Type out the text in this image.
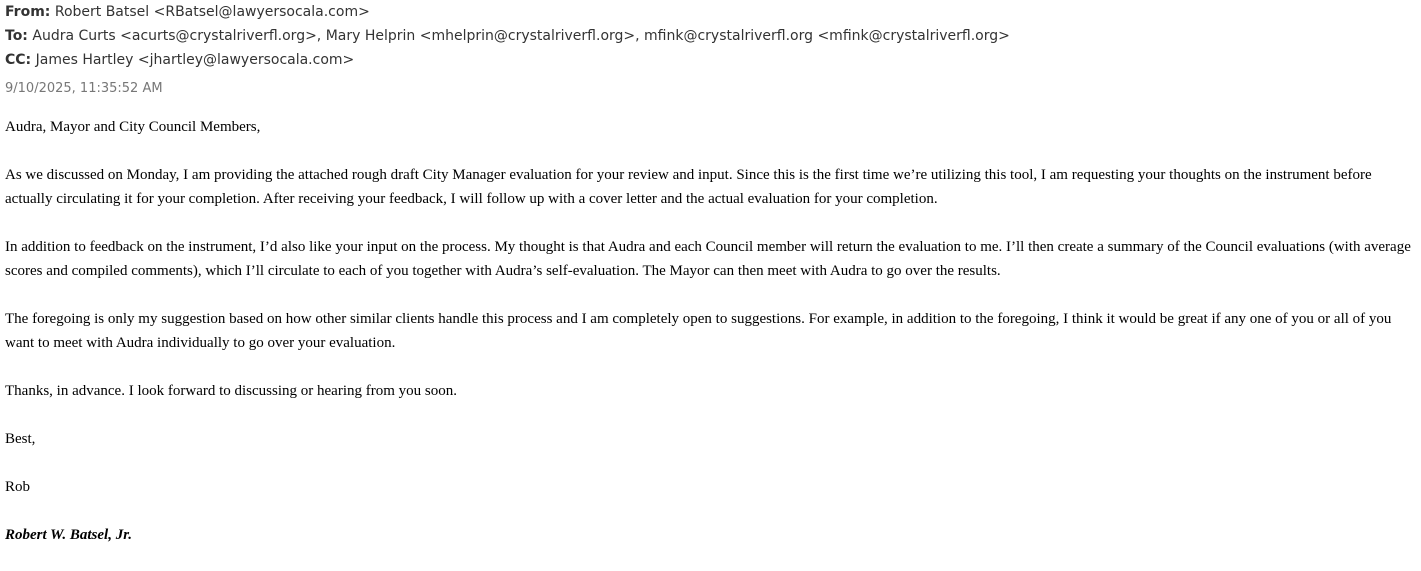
From: Robert Batsel <RBatsel@lawyersocala.com>
To: Audra Curts <acurts@crystalriverfl.org>, Mary Helprin <mhelprin@crystalriverfl.org>, mfink@crystalriverfl.org <mfink@crystalriverfl.org>
CC: James Hartley <jhartley@lawyersocala.com>
9/10/2025, 11:35:52 AM

Audra, Mayor and City Council Members,

As we discussed on Monday, I am providing the attached rough draft City Manager evaluation for your review and input. Since this is the first time we’re utilizing this tool, I am requesting your thoughts on the instrument before actually circulating it for your completion. After receiving your feedback, I will follow up with a cover letter and the actual evaluation for your completion.

In addition to feedback on the instrument, I’d also like your input on the process. My thought is that Audra and each Council member will return the evaluation to me. I’ll then create a summary of the Council evaluations (with average scores and compiled comments), which I’ll circulate to each of you together with Audra’s self-evaluation. The Mayor can then meet with Audra to go over the results.

The foregoing is only my suggestion based on how other similar clients handle this process and I am completely open to suggestions. For example, in addition to the foregoing, I think it would be great if any one of you or all of you want to meet with Audra individually to go over your evaluation.

Thanks, in advance. I look forward to discussing or hearing from you soon.

Best,

Rob

Robert W. Batsel, Jr.
